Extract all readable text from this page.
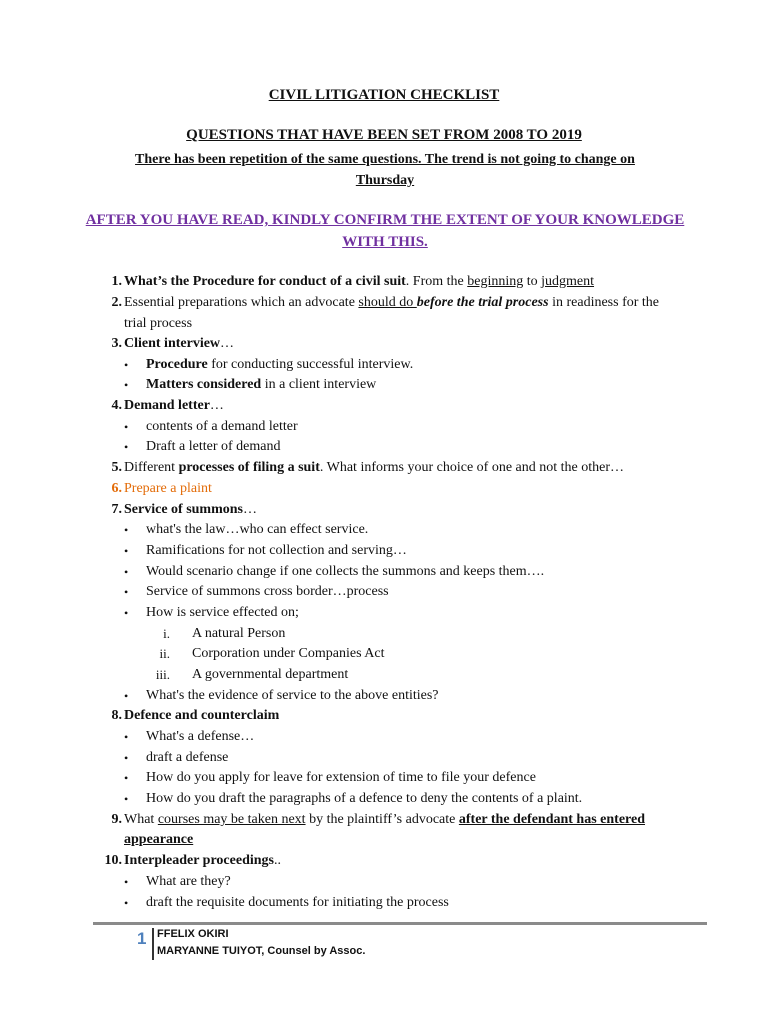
CIVIL LITIGATION CHECKLIST
QUESTIONS THAT HAVE BEEN SET FROM 2008 TO 2019
There has been repetition of the same questions. The trend is not going to change on Thursday
AFTER YOU HAVE READ, KINDLY CONFIRM THE EXTENT OF YOUR KNOWLEDGE WITH THIS.
1. What’s the Procedure for conduct of a civil suit. From the beginning to judgment
2. Essential preparations which an advocate should do before the trial process in readiness for the
trial process
3. Client interview…
• Procedure for conducting successful interview.
• Matters considered in a client interview
4. Demand letter…
• contents of a demand letter
• Draft a letter of demand
5. Different processes of filing a suit. What informs your choice of one and not the other…
6. Prepare a plaint
7. Service of summons…
• what's the law…who can effect service.
• Ramifications for not collection and serving…
• Would scenario change if one collects the summons and keeps them….
• Service of summons cross border…process
• How is service effected on;
i. A natural Person
ii. Corporation under Companies Act
iii. A governmental department
• What's the evidence of service to the above entities?
8. Defence and counterclaim
• What's a defense…
• draft a defense
• How do you apply for leave for extension of time to file your defence
• How do you draft the paragraphs of a defence to deny the contents of a plaint.
9. What courses may be taken next by the plaintiff’s advocate after the defendant has entered
appearance
10. Interpleader proceedings..
• What are they?
• draft the requisite documents for initiating the process
1 FFELIX OKIRI
MARYANNE TUIYOT, Counsel by Assoc.
